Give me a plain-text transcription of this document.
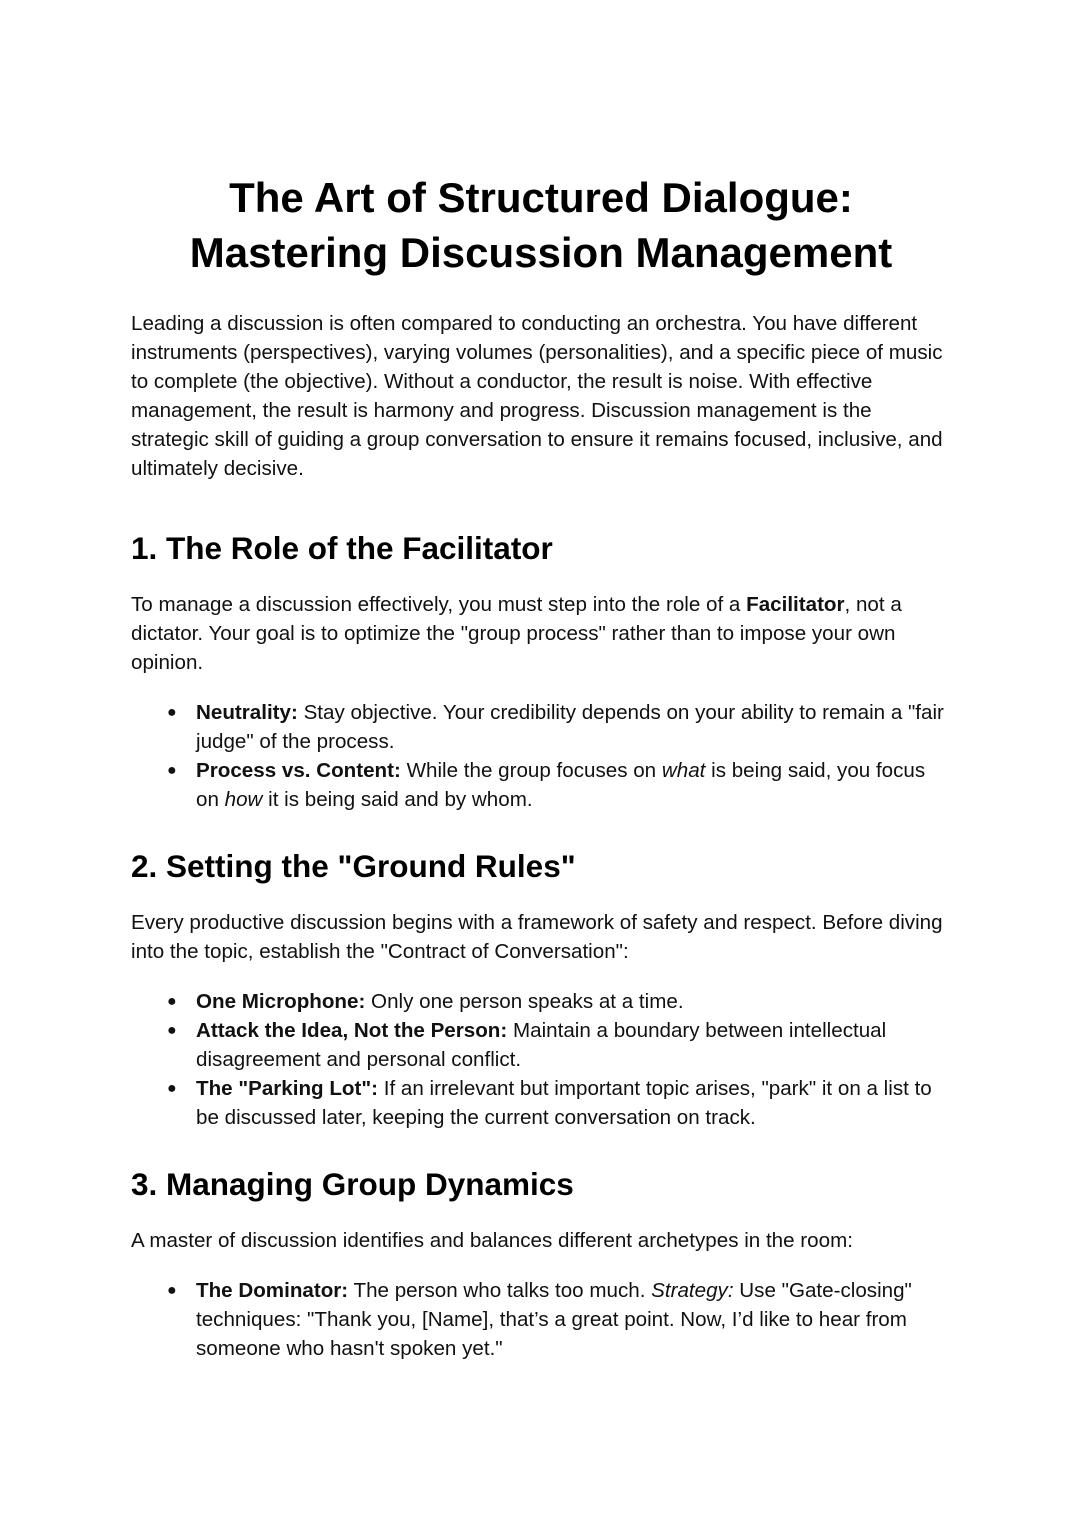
The Art of Structured Dialogue:
Mastering Discussion Management

Leading a discussion is often compared to conducting an orchestra. You have different instruments (perspectives), varying volumes (personalities), and a specific piece of music to complete (the objective). Without a conductor, the result is noise. With effective management, the result is harmony and progress. Discussion management is the strategic skill of guiding a group conversation to ensure it remains focused, inclusive, and ultimately decisive.

1. The Role of the Facilitator

To manage a discussion effectively, you must step into the role of a Facilitator, not a dictator. Your goal is to optimize the "group process" rather than to impose your own opinion.

● Neutrality: Stay objective. Your credibility depends on your ability to remain a "fair judge" of the process.
● Process vs. Content: While the group focuses on what is being said, you focus on how it is being said and by whom.
2. Setting the "Ground Rules"

Every productive discussion begins with a framework of safety and respect. Before diving into the topic, establish the "Contract of Conversation":

● One Microphone: Only one person speaks at a time.
● Attack the Idea, Not the Person: Maintain a boundary between intellectual disagreement and personal conflict.
● The "Parking Lot": If an irrelevant but important topic arises, "park" it on a list to be discussed later, keeping the current conversation on track.
3. Managing Group Dynamics

A master of discussion identifies and balances different archetypes in the room:

● The Dominator: The person who talks too much. Strategy: Use "Gate-closing" techniques: "Thank you, [Name], that’s a great point. Now, I’d like to hear from someone who hasn't spoken yet."
